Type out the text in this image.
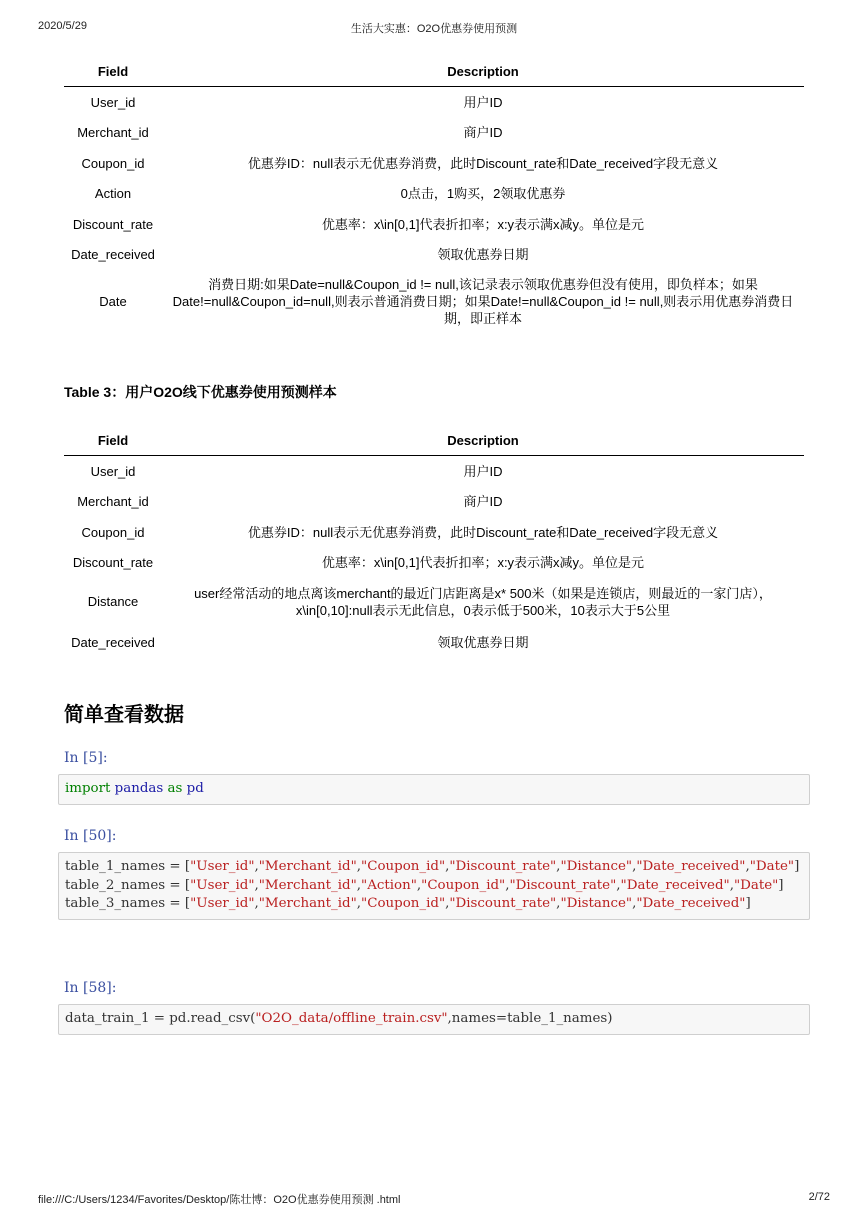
2020/5/29	生活大实惠：O2O优惠券使用预测
Field	Description
User_id	用户ID
Merchant_id	商户ID
Coupon_id	优惠券ID：null表示无优惠券消费，此时Discount_rate和Date_received字段无意义
Action	0点击，1购买，2领取优惠券
Discount_rate	优惠率：x\in[0,1]代表折扣率；x:y表示满x减y。单位是元
Date_received	领取优惠券日期
Date	消费日期:如果Date=null&Coupon_id != null,该记录表示领取优惠券但没有使用，即负样本；如果Date!=null&Coupon_id=null,则表示普通消费日期；如果Date!=null&Coupon_id != null,则表示用优惠券消费日期，即正样本
Table 3：用户O2O线下优惠券使用预测样本
Field	Description
User_id	用户ID
Merchant_id	商户ID
Coupon_id	优惠券ID：null表示无优惠券消费，此时Discount_rate和Date_received字段无意义
Discount_rate	优惠率：x\in[0,1]代表折扣率；x:y表示满x减y。单位是元
Distance	user经常活动的地点离该merchant的最近门店距离是x* 500米（如果是连锁店，则最近的一家门店），x\in[0,10]:null表示无此信息，0表示低于500米，10表示大于5公里
Date_received	领取优惠券日期
简单查看数据
In [5]:
import pandas as pd
In [50]:
table_1_names = ["User_id","Merchant_id","Coupon_id","Discount_rate","Distance","Date_received","Date"]
table_2_names = ["User_id","Merchant_id","Action","Coupon_id","Discount_rate","Date_received","Date"]
table_3_names = ["User_id","Merchant_id","Coupon_id","Discount_rate","Distance","Date_received"]
In [58]:
data_train_1 = pd.read_csv("O2O_data/offline_train.csv",names=table_1_names)
file:///C:/Users/1234/Favorites/Desktop/陈壮博：O2O优惠券使用预测 .html	2/72
